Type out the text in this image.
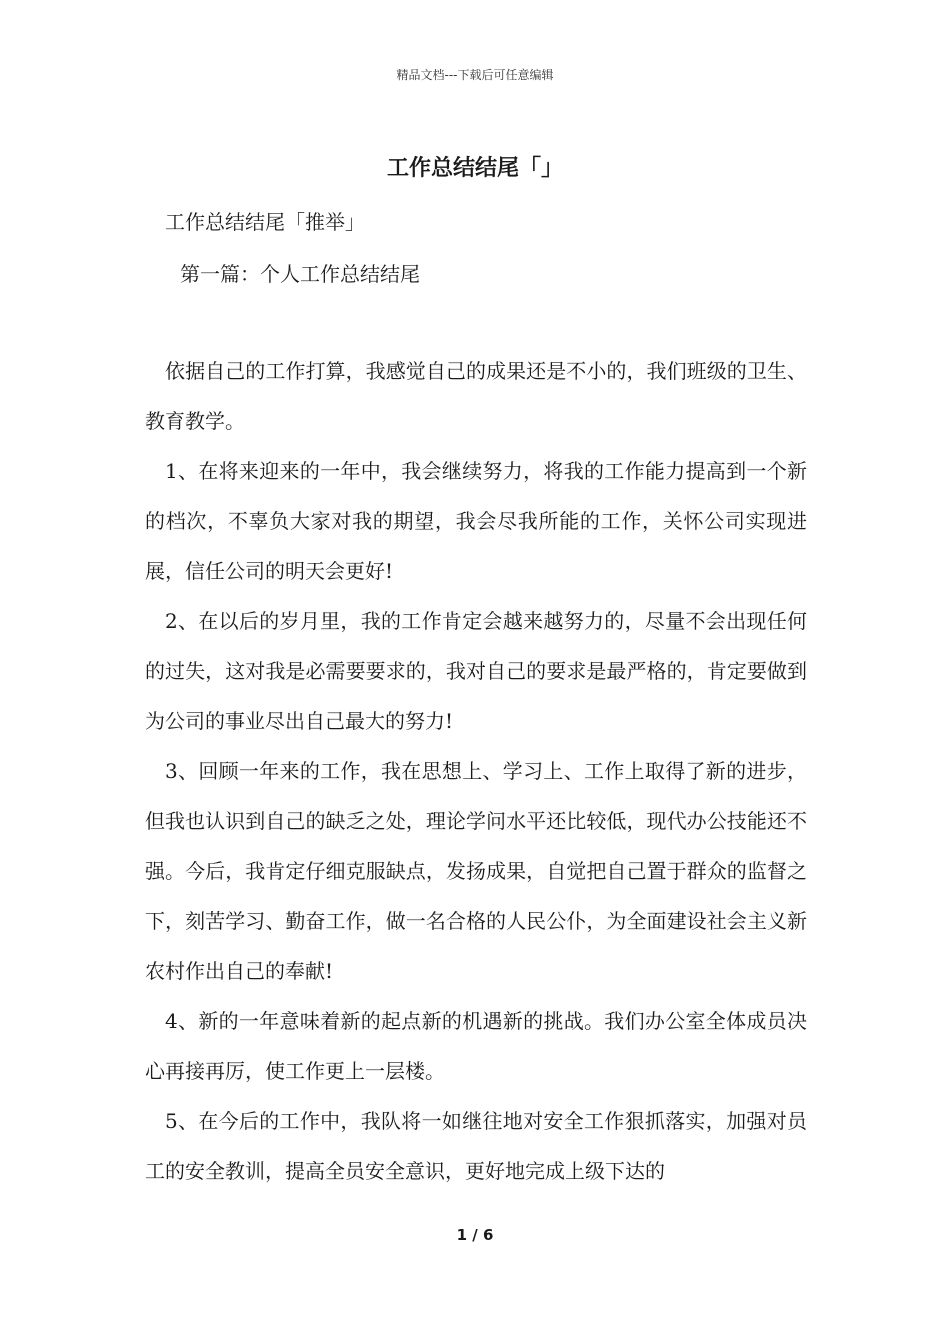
精品文档---下载后可任意编辑
工作总结结尾「」
工作总结结尾「推举」
第一篇：个人工作总结结尾

依据自己的工作打算，我感觉自己的成果还是不小的，我们班级的卫生、教育教学。

1、在将来迎来的一年中，我会继续努力，将我的工作能力提高到一个新的档次，不辜负大家对我的期望，我会尽我所能的工作，关怀公司实现进展，信任公司的明天会更好!

2、在以后的岁月里，我的工作肯定会越来越努力的，尽量不会出现任何的过失，这对我是必需要要求的，我对自己的要求是最严格的，肯定要做到为公司的事业尽出自己最大的努力!

3、回顾一年来的工作，我在思想上、学习上、工作上取得了新的进步，但我也认识到自己的缺乏之处，理论学问水平还比较低，现代办公技能还不强。今后，我肯定仔细克服缺点，发扬成果，自觉把自己置于群众的监督之下，刻苦学习、勤奋工作，做一名合格的人民公仆，为全面建设社会主义新农村作出自己的奉献!

4、新的一年意味着新的起点新的机遇新的挑战。我们办公室全体成员决心再接再厉，使工作更上一层楼。

5、在今后的工作中，我队将一如继往地对安全工作狠抓落实，加强对员工的安全教训，提高全员安全意识，更好地完成上级下达的

1 / 6
